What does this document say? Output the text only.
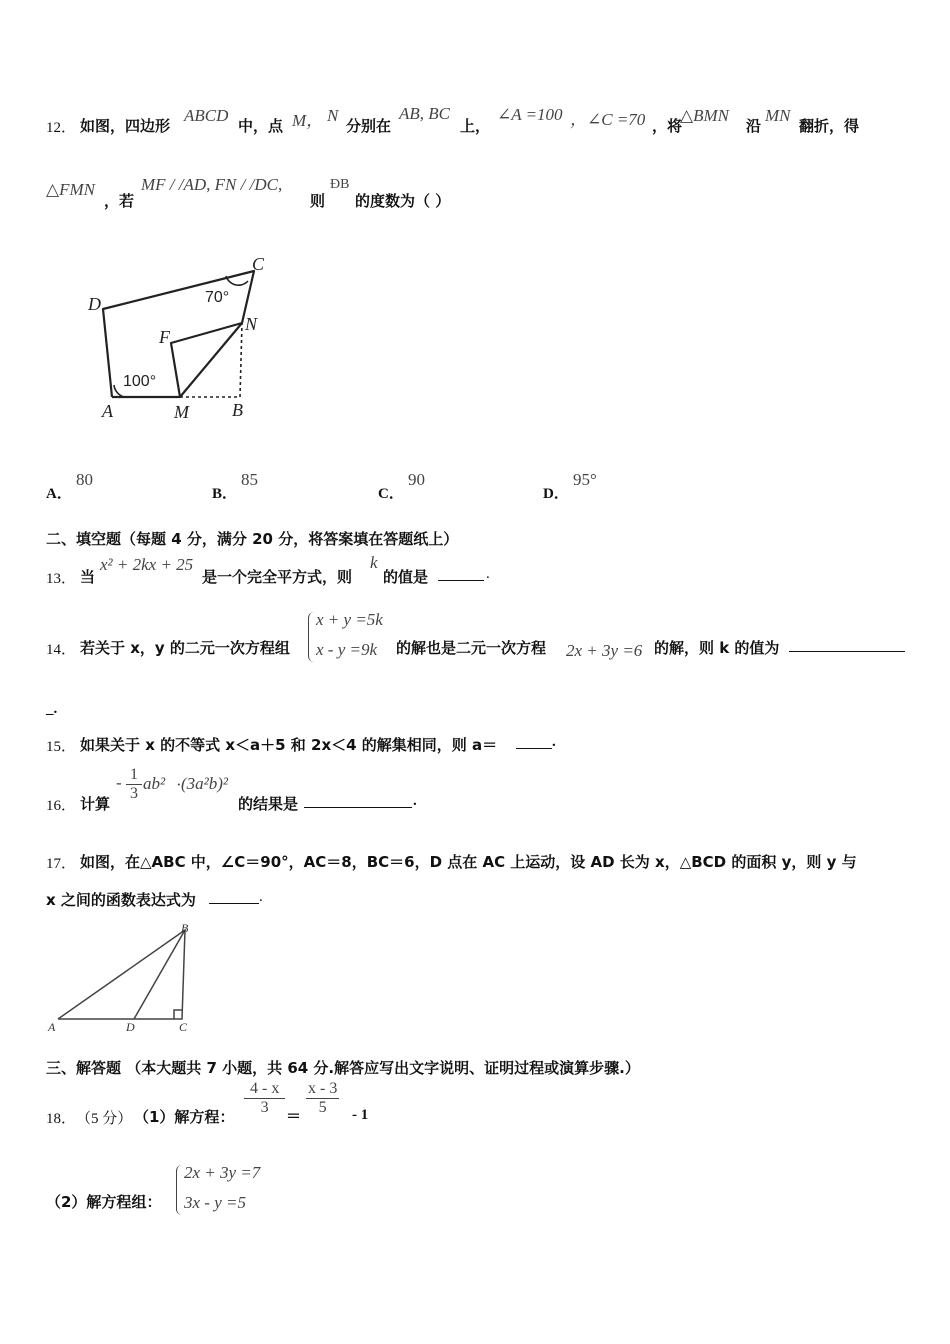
12． 如图，四边形
ABCD
中，点 M， N
分别在
AB, BC
上，
∠A =100 ，∠C =70 ，将
△BMN
沿
MN
翻折，得
△FMN
，若
MF / /AD, FN / /DC,
则
ÐB
的度数为（ ）
D
C
F
N
A	M B
70°
100°
A．
80
B．
85
C．
90
D．
95°
二、填空题（每题 4 分，满分 20 分，将答案填在答题纸上）
13． 当
x² + 2kx + 25
是一个完全平方式，则
k
的值是	.
14． 若关于 x，y 的二元一次方程组
x + y =5k
x - y =9k 的解也是二元一次方程 2x + 3y =6 的解，则 k 的值为
_.
15． 如果关于 x 的不等式 x＜a＋5 和 2x＜4 的解集相同，则 a＝	.
16． 计算
- $\frac{1}{3} ab^2 \cdot (3a^2b)^2$
的结果是	.
17． 如图，在△ABC 中，∠C＝90°，AC＝8，BC＝6，D 点在 AC 上运动，设 AD 长为 x，△BCD 的面积 y，则 y 与
x 之间的函数表达式为	.
B
A	D	C
三、解答题 （本大题共 7 小题，共 64 分.解答应写出文字说明、证明过程或演算步骤.）
18． （5 分） （1）解方程： $\frac{4 - x}{3} = \frac{x - 3}{5} - 1$
（2）解方程组：
2x + 3y =7
3x - y =5
